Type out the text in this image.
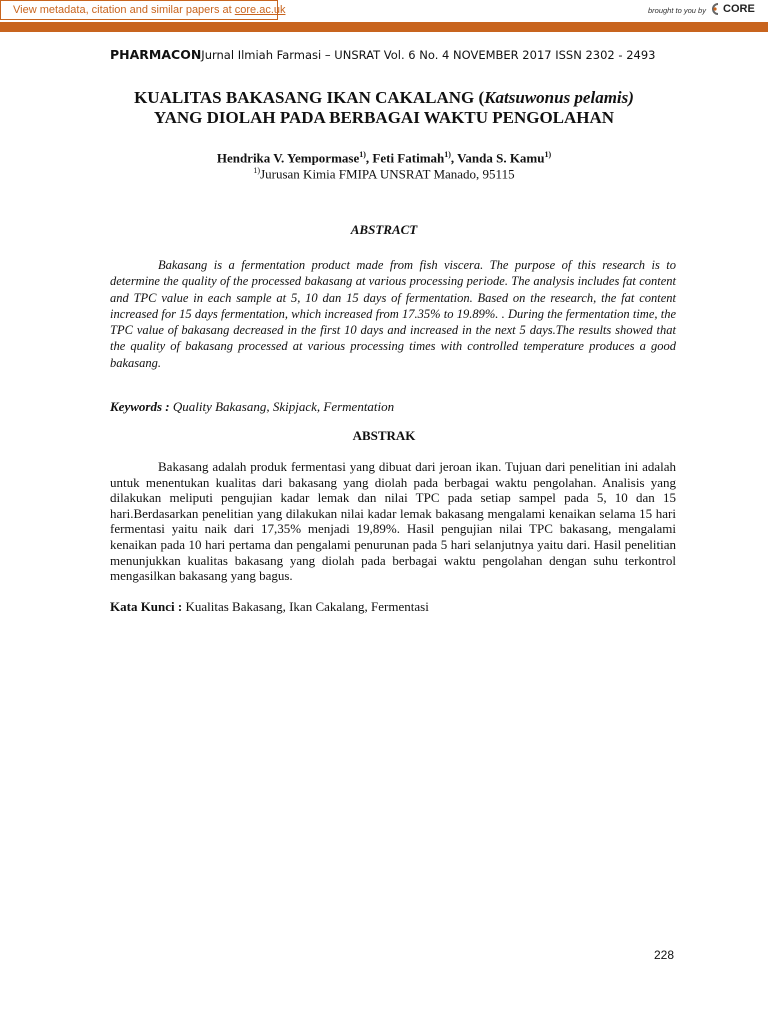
View metadata, citation and similar papers at core.ac.uk	brought to you by CORE
provided by PHARMACON
PHARMACONJurnal Ilmiah Farmasi – UNSRAT Vol. 6 No. 4 NOVEMBER 2017 ISSN 2302 - 2493
KUALITAS BAKASANG IKAN CAKALANG (Katsuwonus pelamis)
YANG DIOLAH PADA BERBAGAI WAKTU PENGOLAHAN
Hendrika V. Yempormase$^{1)}$, Feti Fatimah$^{1)}$, Vanda S. Kamu$^{1)}$
$^{1)}$Jurusan Kimia FMIPA UNSRAT Manado, 95115
ABSTRACT

Bakasang is a fermentation product made from fish viscera. The purpose of this research is to determine the quality of the processed bakasang at various processing periode. The analysis includes fat content and TPC value in each sample at 5, 10 dan 15 days of fermentation. Based on the research, the fat content increased for 15 days fermentation, which increased from 17.35% to 19.89%. . During the fermentation time, the TPC value of bakasang decreased in the first 10 days and increased in the next 5 days.The results showed that the quality of bakasang processed at various processing times with controlled temperature produces a good bakasang.

Keywords : Quality Bakasang, Skipjack, Fermentation
ABSTRAK

Bakasang adalah produk fermentasi yang dibuat dari jeroan ikan. Tujuan dari penelitian ini adalah untuk menentukan kualitas dari bakasang yang diolah pada berbagai waktu pengolahan. Analisis yang dilakukan meliputi pengujian kadar lemak dan nilai TPC pada setiap sampel pada 5, 10 dan 15 hari.Berdasarkan penelitian yang dilakukan nilai kadar lemak bakasang mengalami kenaikan selama 15 hari fermentasi yaitu naik dari 17,35% menjadi 19,89%. Hasil pengujian nilai TPC bakasang, mengalami kenaikan pada 10 hari pertama dan pengalami penurunan pada 5 hari selanjutnya yaitu dari. Hasil penelitian menunjukkan kualitas bakasang yang diolah pada berbagai waktu pengolahan dengan suhu terkontrol mengasilkan bakasang yang bagus.

Kata Kunci : Kualitas Bakasang, Ikan Cakalang, Fermentasi
228
